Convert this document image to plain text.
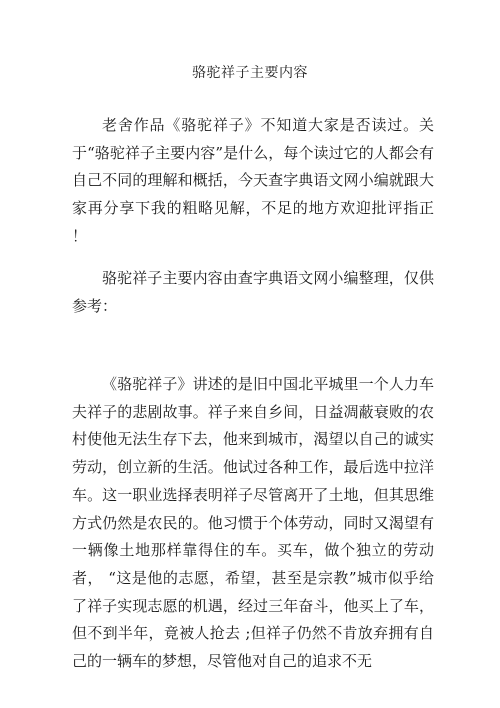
骆驼祥子主要内容

老舍作品《骆驼祥子》不知道大家是否读过。关于“骆驼祥子主要内容”是什么，每个读过它的人都会有自己不同的理解和概括，今天查字典语文网小编就跟大家再分享下我的粗略见解，不足的地方欢迎批评指正 ！

骆驼祥子主要内容由查字典语文网小编整理，仅供参考：

《骆驼祥子》讲述的是旧中国北平城里一个人力车夫祥子的悲剧故事。祥子来自乡间，日益凋蔽衰败的农村使他无法生存下去，他来到城市，渴望以自己的诚实劳动，创立新的生活。他试过各种工作，最后选中拉洋车。这一职业选择表明祥子尽管离开了土地，但其思维方式仍然是农民的。他习惯于个体劳动，同时又渴望有一辆像土地那样靠得住的车。买车，做个独立的劳动者， “这是他的志愿，希望，甚至是宗教”城市似乎给了祥子实现志愿的机遇，经过三年奋斗，他买上了车，但不到半年，竟被人抢去 ;但祥子仍然不肯放弃拥有自己的一辆车的梦想，尽管他对自己的追求不无
